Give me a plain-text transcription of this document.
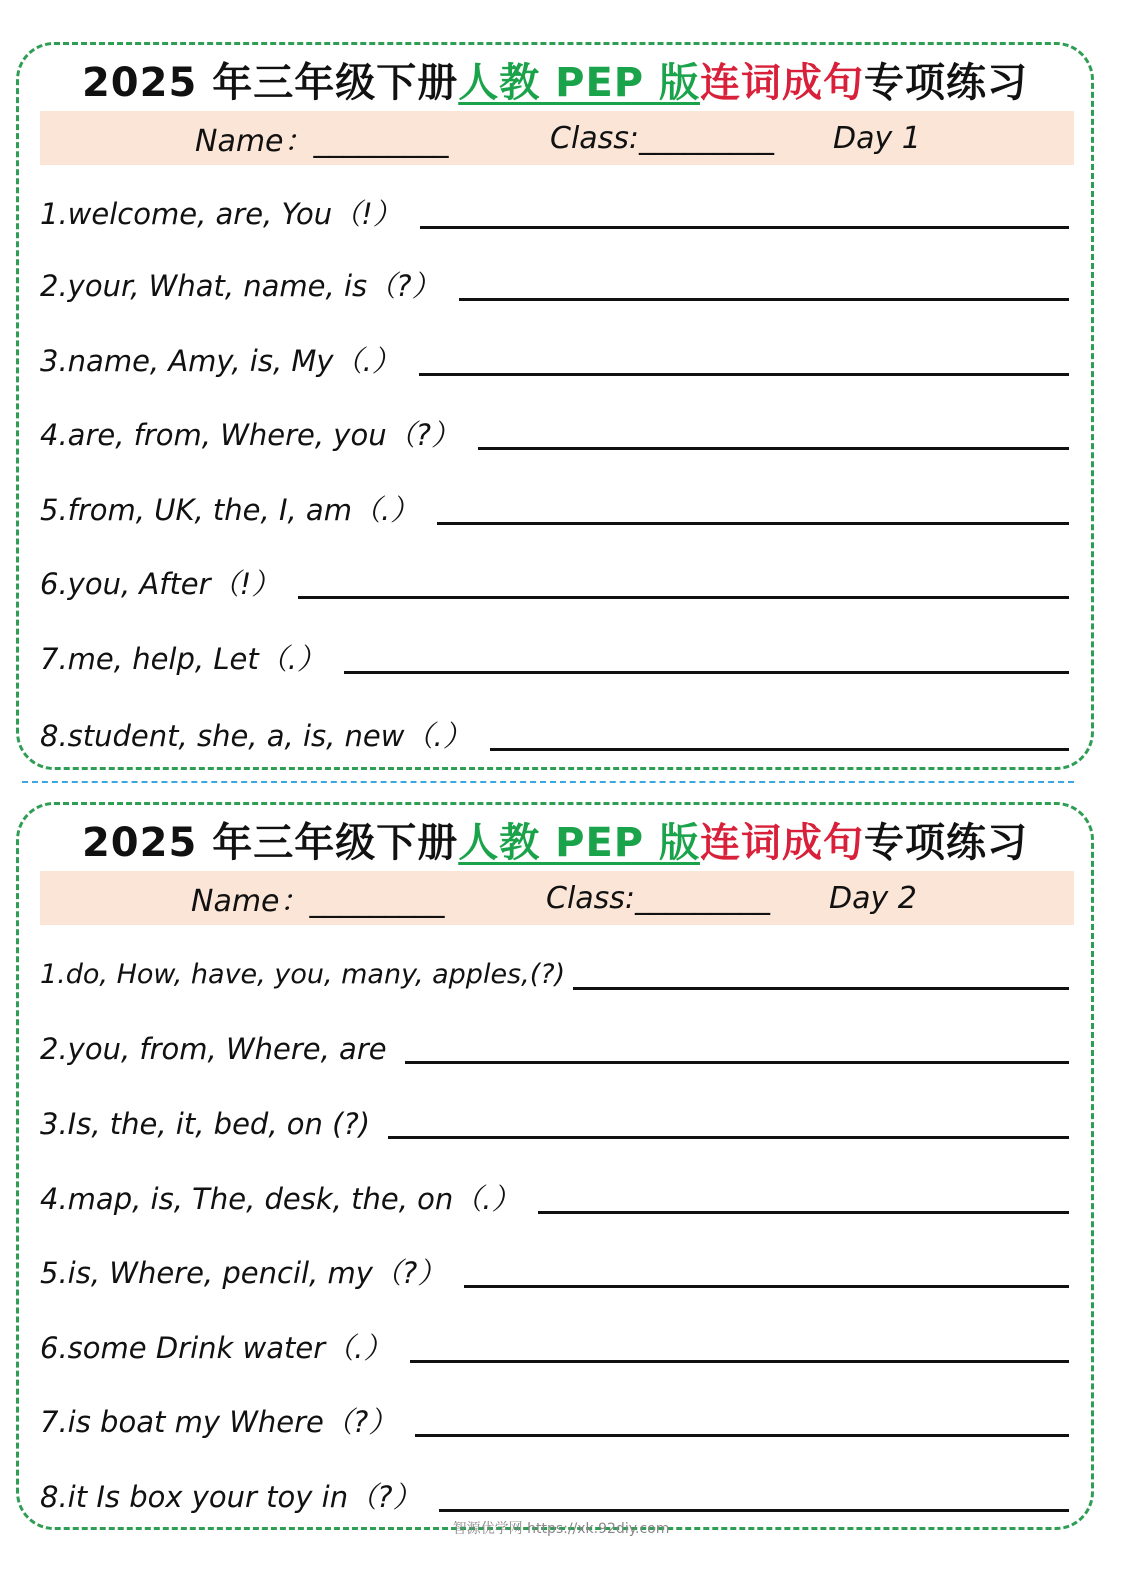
2025 年三年级下册人教 PEP 版连词成句专项练习
Name：_________	Class:_________ Day 1
1.welcome, are, You（!）
2.your, What, name, is（?）
3.name, Amy, is, My（.）
4.are, from, Where, you（?）
5.from, UK, the, I, am（.）
6.you, After（!）
7.me, help, Let（.）
8.student, she, a, is, new（.）
2025 年三年级下册人教 PEP 版连词成句专项练习
Name：_________	Class:_________ Day 2
1.do, How, have, you, many, apples,(?)
2.you, from, Where, are
3.Is, the, it, bed, on (?)
4.map, is, The, desk, the, on（.）
5.is, Where, pencil, my（?）
6.some Drink water（.）
7.is boat my Where（?）
8.it Is box your toy in（?）
智源优学网 https://xk.92diy.com
